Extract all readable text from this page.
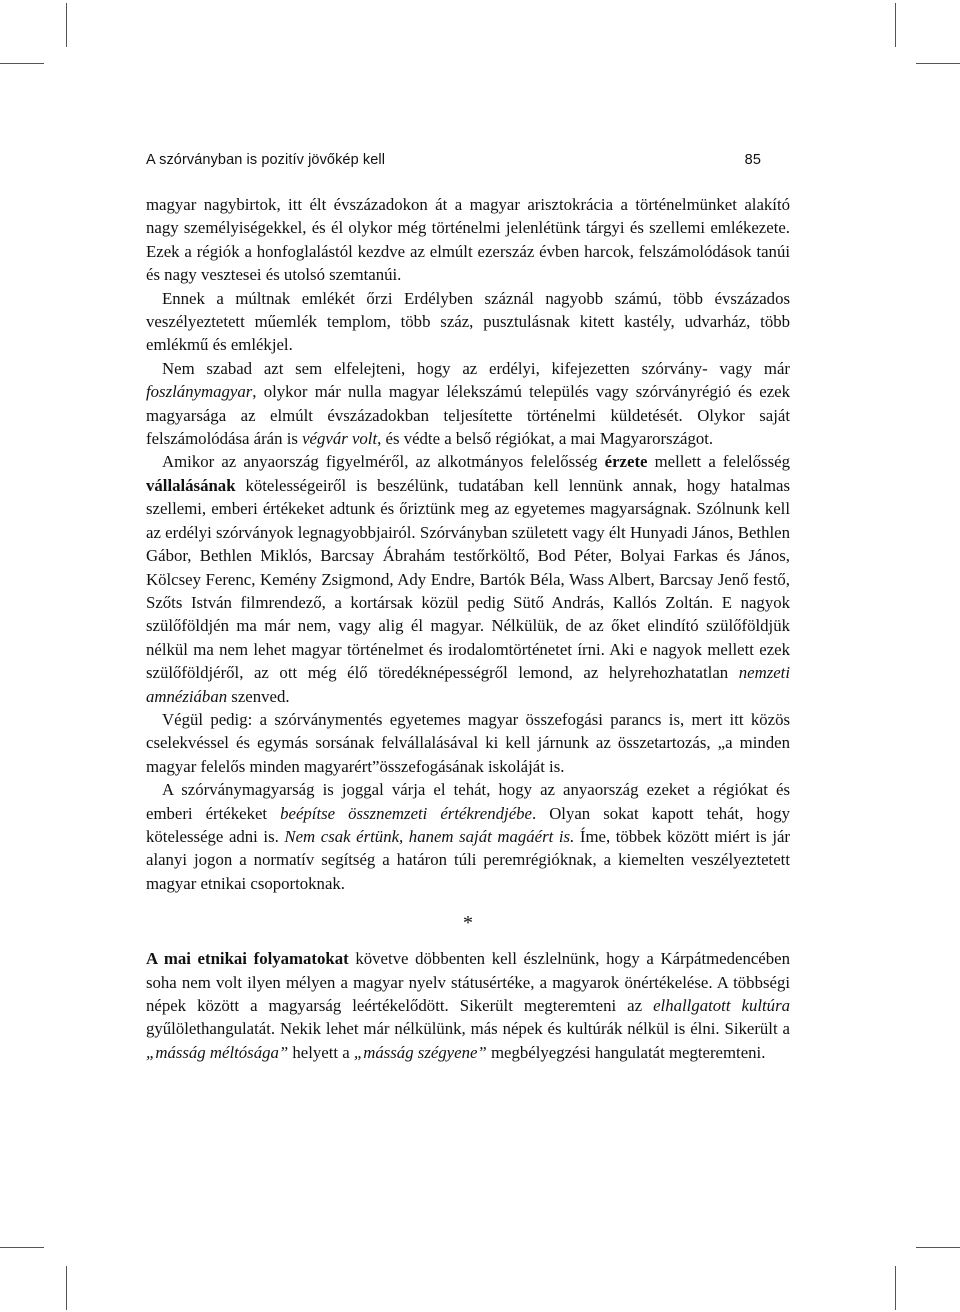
A szórványban is pozitív jövőkép kell	85

magyar nagybirtok, itt élt évszázadokon át a magyar arisztokrácia a történelmünket alakító nagy személyiségekkel, és él olykor még történelmi jelenlétünk tárgyi és szellemi emlékezete. Ezek a régiók a honfoglalástól kezdve az elmúlt ezerszáz évben harcok, felszámolódások tanúi és nagy vesztesei és utolsó szemtanúi.

Ennek a múltnak emlékét őrzi Erdélyben száznál nagyobb számú, több évszázados veszélyeztetett műemlék templom, több száz, pusztulásnak kitett kastély, udvarház, több emlékmű és emlékjel.

Nem szabad azt sem elfelejteni, hogy az erdélyi, kifejezetten szórvány- vagy már foszlánymagyar, olykor már nulla magyar lélekszámú település vagy szórványrégió és ezek magyarsága az elmúlt évszázadokban teljesítette történelmi küldetését. Olykor saját felszámolódása árán is végvár volt, és védte a belső régiókat, a mai Magyarországot.

Amikor az anyaország figyelméről, az alkotmányos felelősség érzete mellett a felelősség vállalásának kötelességeiről is beszélünk, tudatában kell lennünk annak, hogy hatalmas szellemi, emberi értékeket adtunk és őriztünk meg az egyetemes magyarságnak. Szólnunk kell az erdélyi szórványok legnagyobbjairól. Szórványban született vagy élt Hunyadi János, Bethlen Gábor, Bethlen Miklós, Barcsay Ábrahám testőrköltő, Bod Péter, Bolyai Farkas és János, Kölcsey Ferenc, Kemény Zsigmond, Ady Endre, Bartók Béla, Wass Albert, Barcsay Jenő festő, Szőts István filmrendező, a kortársak közül pedig Sütő András, Kallós Zoltán. E nagyok szülőföldjén ma már nem, vagy alig él magyar. Nélkülük, de az őket elindító szülőföldjük nélkül ma nem lehet magyar történelmet és irodalomtörténetet írni. Aki e nagyok mellett ezek szülőföldjéről, az ott még élő töredéknépességről lemond, az helyrehozhatatlan nemzeti amnéziában szenved.

Végül pedig: a szórványmentés egyetemes magyar összefogási parancs is, mert itt közös cselekvéssel és egymás sorsának felvállalásával ki kell járnunk az összetartozás, „a minden magyar felelős minden magyarért”összefogásának iskoláját is.

A szórványmagyarság is joggal várja el tehát, hogy az anyaország ezeket a régiókat és emberi értékeket beépítse össznemzeti értékrendjébe. Olyan sokat kapott tehát, hogy kötelessége adni is. Nem csak értünk, hanem saját magáért is. Íme, többek között miért is jár alanyi jogon a normatív segítség a határon túli peremrégióknak, a kiemelten veszélyeztetett magyar etnikai csoportoknak.

*

A mai etnikai folyamatokat követve döbbenten kell észlelnünk, hogy a Kárpátmedencében soha nem volt ilyen mélyen a magyar nyelv státusértéke, a magyarok önértékelése. A többségi népek között a magyarság leértékelődött. Sikerült megteremteni az elhallgatott kultúra gyűlölethangulatát. Nekik lehet már nélkülünk, más népek és kultúrák nélkül is élni. Sikerült a „másság méltósága” helyett a „másság szégyene” megbélyegzési hangulatát megteremteni.
